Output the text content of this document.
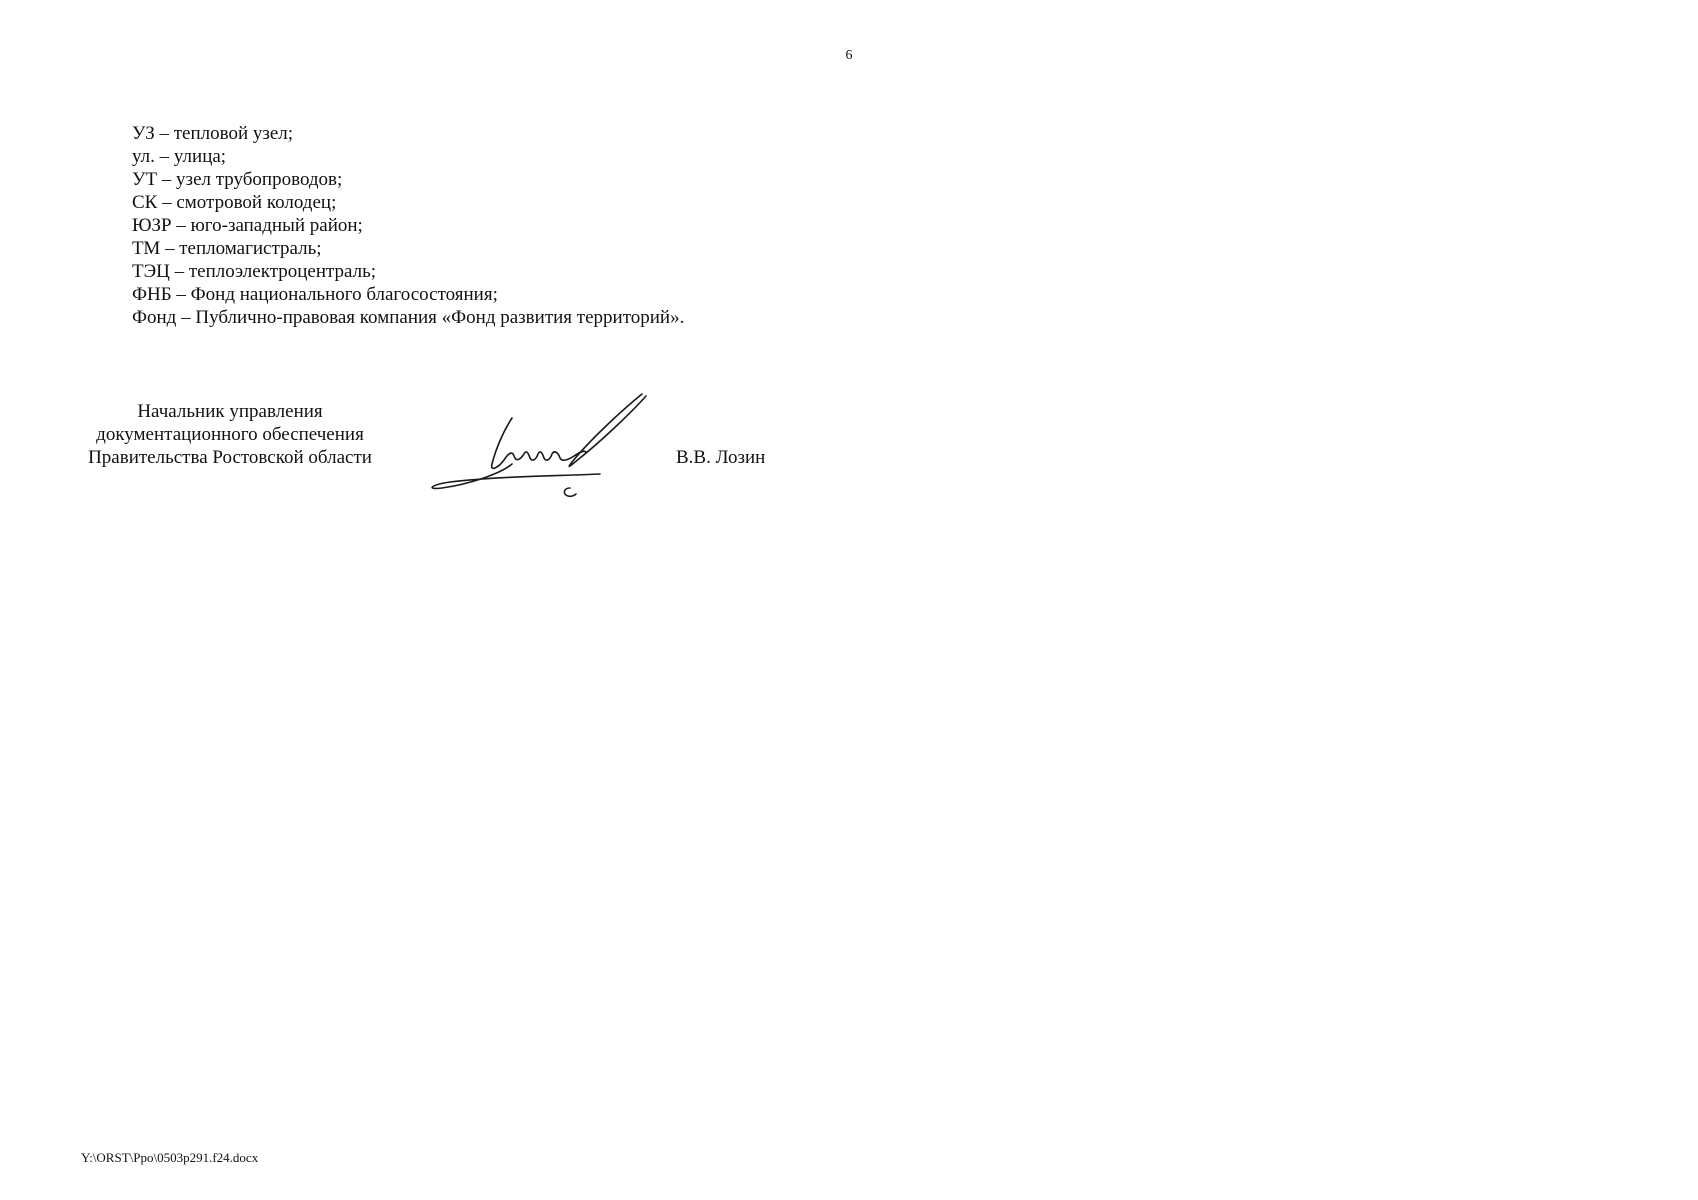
6
УЗ – тепловой узел;
ул. – улица;
УТ – узел трубопроводов;
СК – смотровой колодец;
ЮЗР – юго-западный район;
ТМ – тепломагистраль;
ТЭЦ – теплоэлектроцентраль;
ФНБ – Фонд национального благосостояния;
Фонд – Публично-правовая компания «Фонд развития территорий».
Начальник управления
документационного обеспечения
Правительства Ростовской области	В.В. Лозин
Y:\ORST\Ppo\0503p291.f24.docx
